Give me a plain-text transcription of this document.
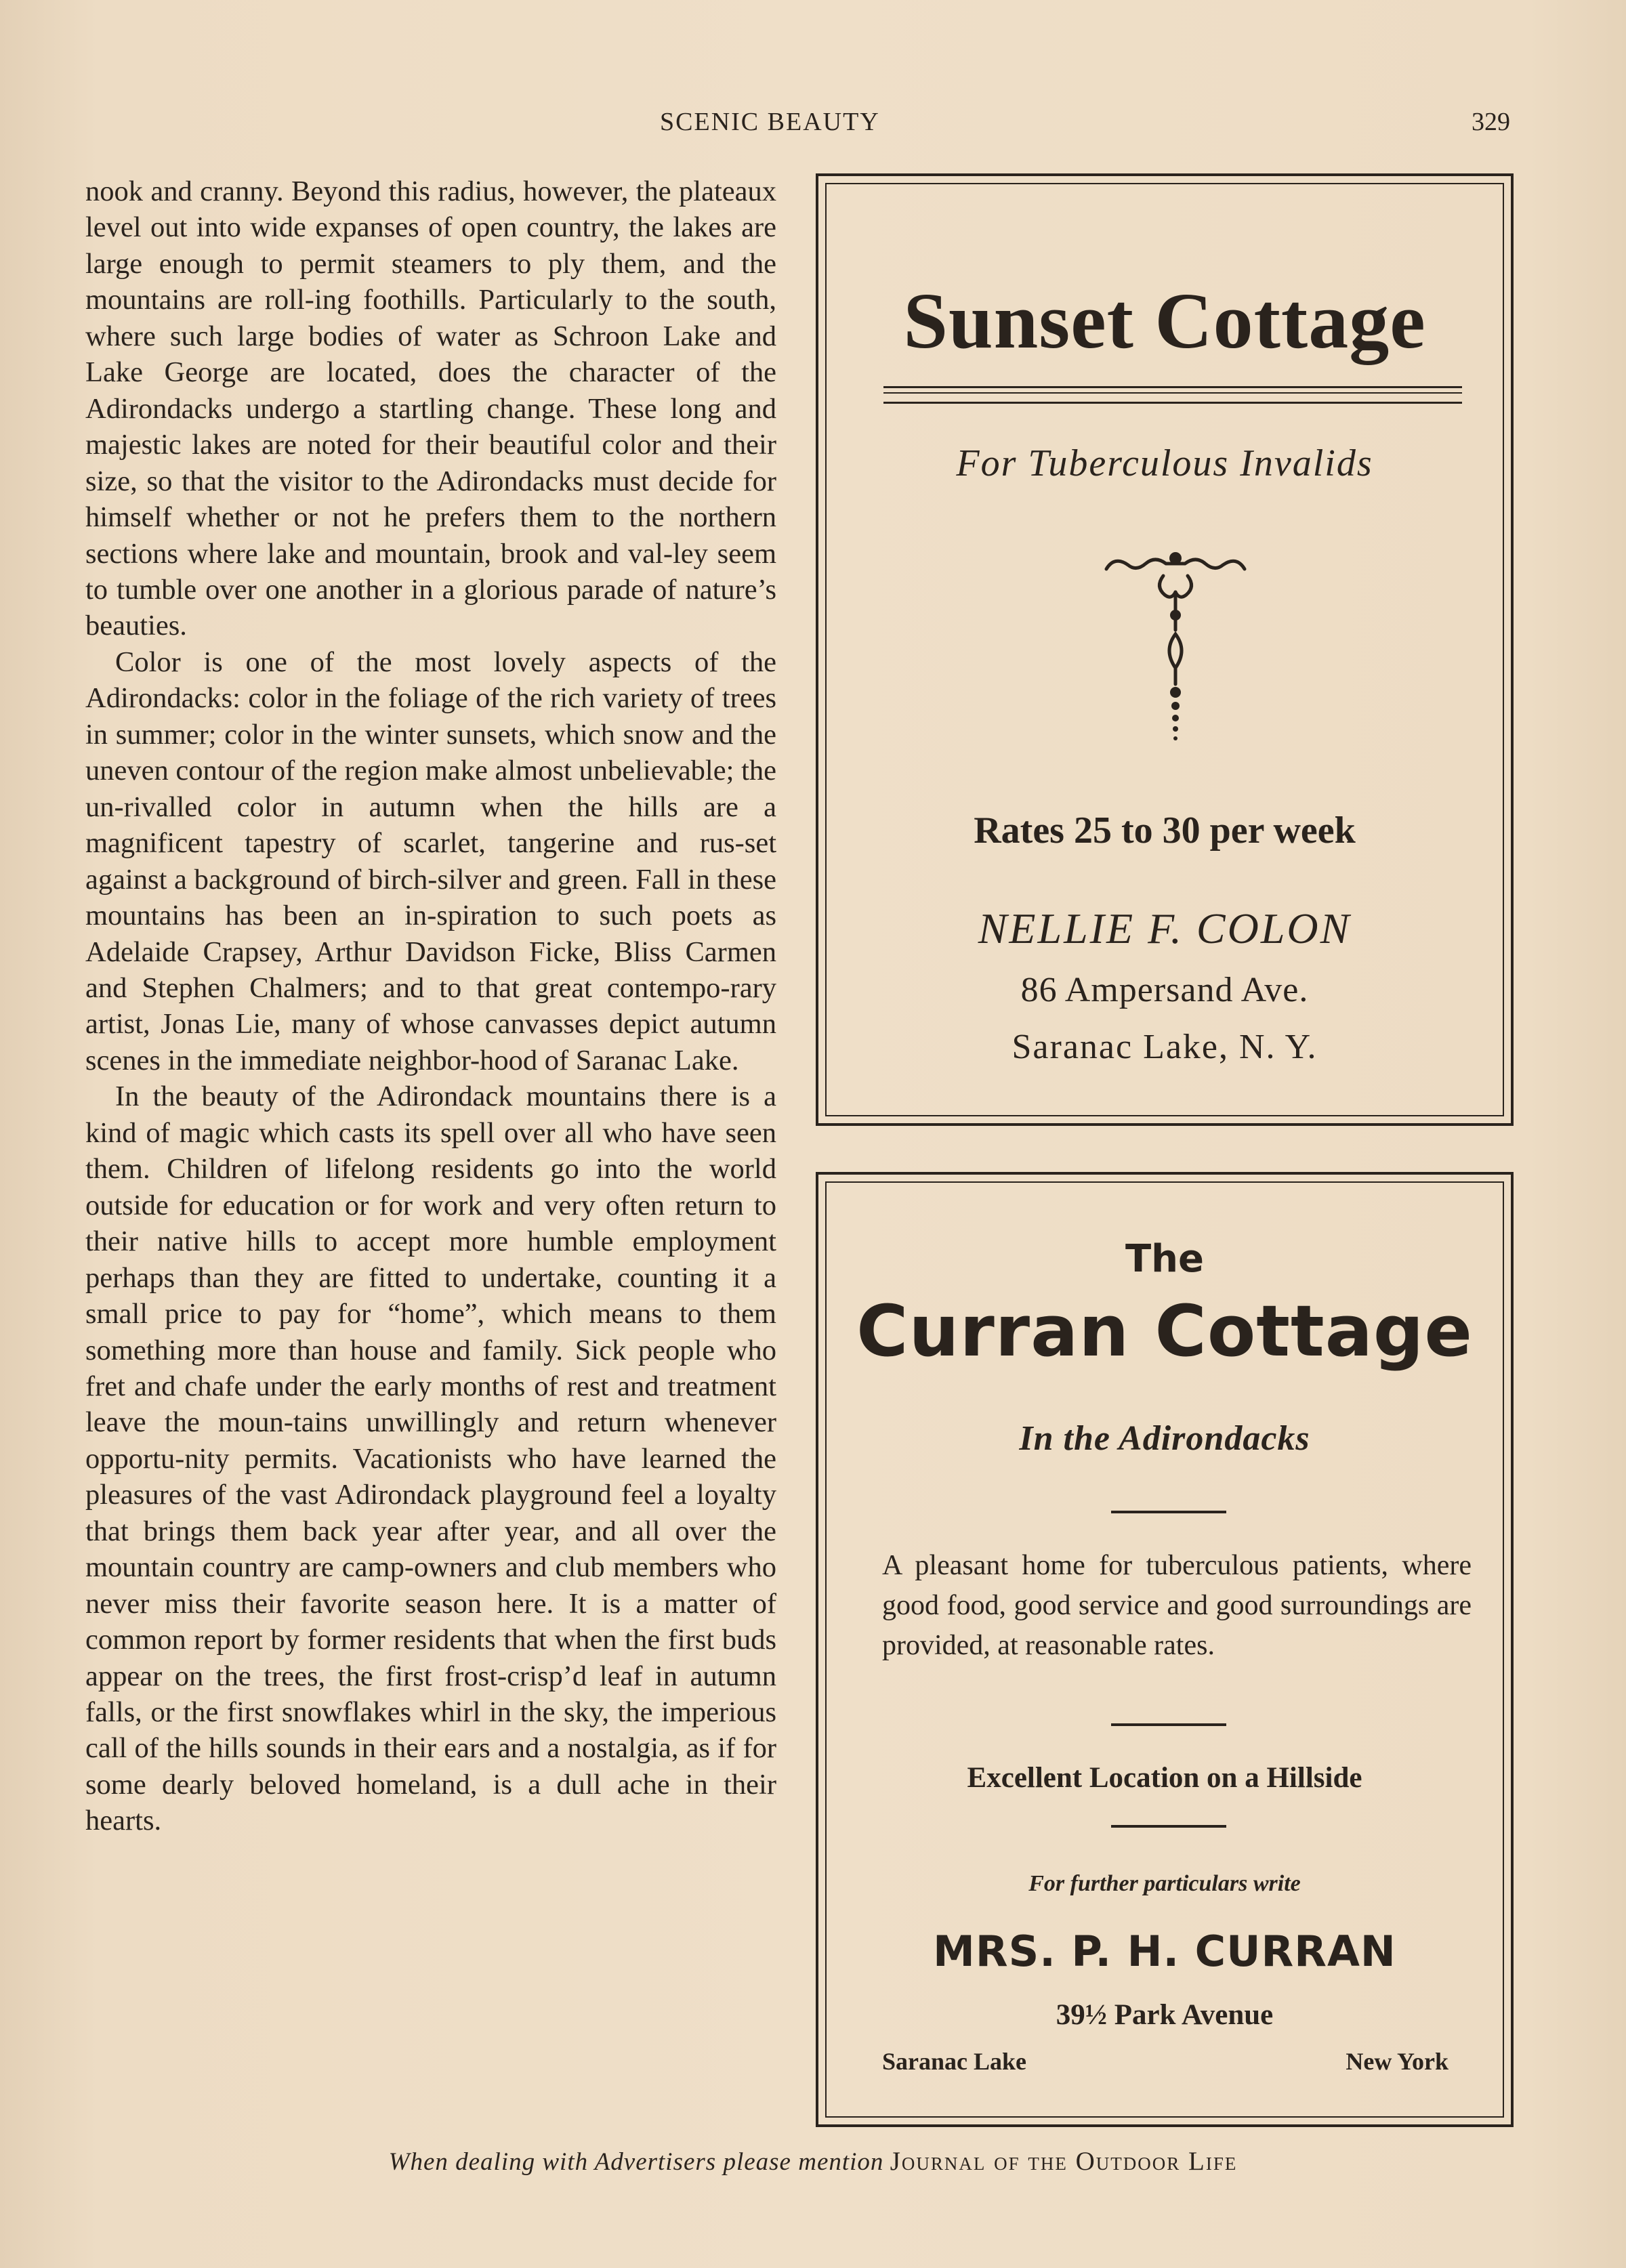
SCENIC BEAUTY	329

nook and cranny. Beyond this radius, however, the plateaux level out into wide expanses of open country, the lakes are large enough to permit steamers to ply them, and the mountains are roll-ing foothills. Particularly to the south, where such large bodies of water as Schroon Lake and Lake George are located, does the character of the Adirondacks undergo a startling change. These long and majestic lakes are noted for their beautiful color and their size, so that the visitor to the Adirondacks must decide for himself whether or not he prefers them to the northern sections where lake and mountain, brook and val-ley seem to tumble over one another in a glorious parade of nature’s beauties.

Color is one of the most lovely aspects of the Adirondacks: color in the foliage of the rich variety of trees in summer; color in the winter sunsets, which snow and the uneven contour of the region make almost unbelievable; the un-rivalled color in autumn when the hills are a magnificent tapestry of scarlet, tangerine and rus-set against a background of birch-silver and green. Fall in these mountains has been an in-spiration to such poets as Adelaide Crapsey, Arthur Davidson Ficke, Bliss Carmen and Stephen Chalmers; and to that great contempo-rary artist, Jonas Lie, many of whose canvasses depict autumn scenes in the immediate neighbor-hood of Saranac Lake.

In the beauty of the Adirondack mountains there is a kind of magic which casts its spell over all who have seen them. Children of lifelong residents go into the world outside for education or for work and very often return to their native hills to accept more humble employment perhaps than they are fitted to undertake, counting it a small price to pay for “home”, which means to them something more than house and family. Sick people who fret and chafe under the early months of rest and treatment leave the moun-tains unwillingly and return whenever opportu-nity permits. Vacationists who have learned the pleasures of the vast Adirondack playground feel a loyalty that brings them back year after year, and all over the mountain country are camp-owners and club members who never miss their favorite season here. It is a matter of common report by former residents that when the first buds appear on the trees, the first frost-crisp’d leaf in autumn falls, or the first snowflakes whirl in the sky, the imperious call of the hills sounds in their ears and a nostalgia, as if for some dearly beloved homeland, is a dull ache in their hearts.

Sunset Cottage
For Tuberculous Invalids
Rates 25 to 30 per week
NELLIE F. COLON
86 Ampersand Ave.
Saranac Lake, N. Y.
The
Curran Cottage
In the Adirondacks

A pleasant home for tuberculous patients, where good food, good service and good surroundings are provided, at reasonable rates.

Excellent Location on a Hillside
For further particulars write
MRS. P. H. CURRAN
39½ Park Avenue
Saranac Lake	New York
When dealing with Advertisers please mention Journal of the Outdoor Life
